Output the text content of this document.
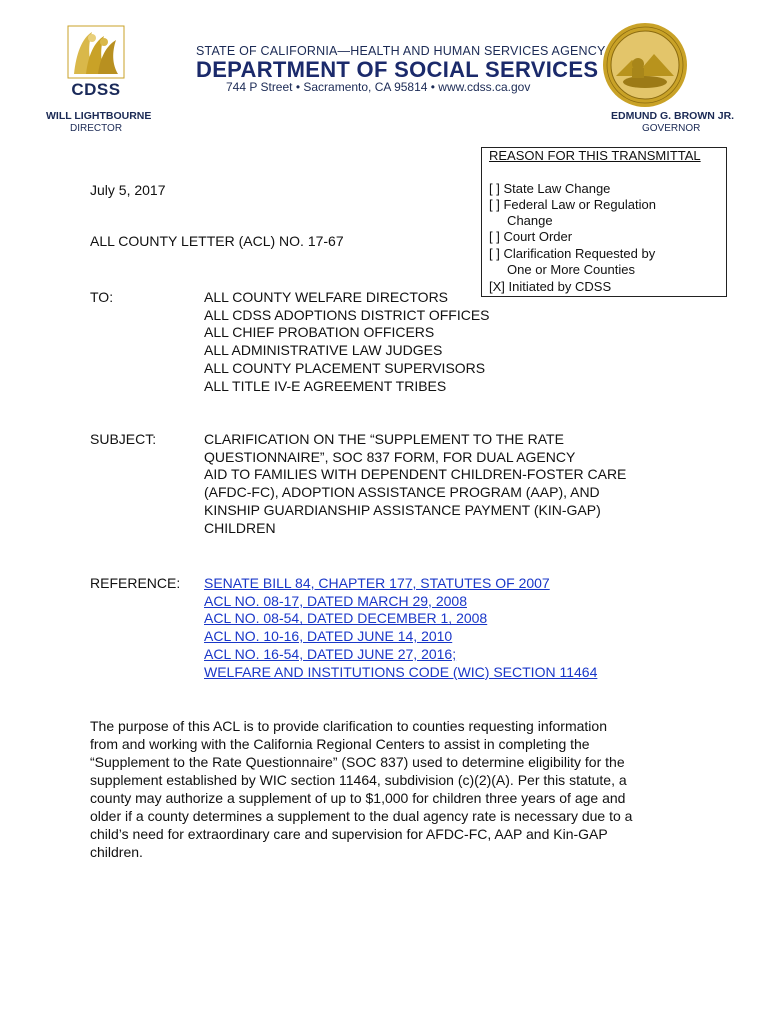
CDSS
STATE OF CALIFORNIA—HEALTH AND HUMAN SERVICES AGENCY
DEPARTMENT OF SOCIAL SERVICES
744 P Street • Sacramento, CA 95814 • www.cdss.ca.gov
WILL LIGHTBOURNE
DIRECTOR
EDMUND G. BROWN JR.
GOVERNOR
REASON FOR THIS TRANSMITTAL
[ ] State Law Change
[ ] Federal Law or Regulation
Change
[ ] Court Order
[ ] Clarification Requested by
One or More Counties
[X] Initiated by CDSS
July 5, 2017
ALL COUNTY LETTER (ACL) NO. 17-67
TO:	ALL COUNTY WELFARE DIRECTORS
ALL CDSS ADOPTIONS DISTRICT OFFICES
ALL CHIEF PROBATION OFFICERS
ALL ADMINISTRATIVE LAW JUDGES
ALL COUNTY PLACEMENT SUPERVISORS
ALL TITLE IV-E AGREEMENT TRIBES
SUBJECT:	CLARIFICATION ON THE “SUPPLEMENT TO THE RATE
QUESTIONNAIRE”, SOC 837 FORM, FOR DUAL AGENCY
AID TO FAMILIES WITH DEPENDENT CHILDREN-FOSTER CARE
(AFDC-FC), ADOPTION ASSISTANCE PROGRAM (AAP), AND
KINSHIP GUARDIANSHIP ASSISTANCE PAYMENT (KIN-GAP)
CHILDREN
REFERENCE: SENATE BILL 84, CHAPTER 177, STATUTES OF 2007
ACL NO. 08-17, DATED MARCH 29, 2008
ACL NO. 08-54, DATED DECEMBER 1, 2008
ACL NO. 10-16, DATED JUNE 14, 2010
ACL NO. 16-54, DATED JUNE 27, 2016;
WELFARE AND INSTITUTIONS CODE (WIC) SECTION 11464
The purpose of this ACL is to provide clarification to counties requesting information
from and working with the California Regional Centers to assist in completing the
“Supplement to the Rate Questionnaire” (SOC 837) used to determine eligibility for the
supplement established by WIC section 11464, subdivision (c)(2)(A). Per this statute, a
county may authorize a supplement of up to $1,000 for children three years of age and
older if a county determines a supplement to the dual agency rate is necessary due to a
child’s need for extraordinary care and supervision for AFDC-FC, AAP and Kin-GAP
children.
